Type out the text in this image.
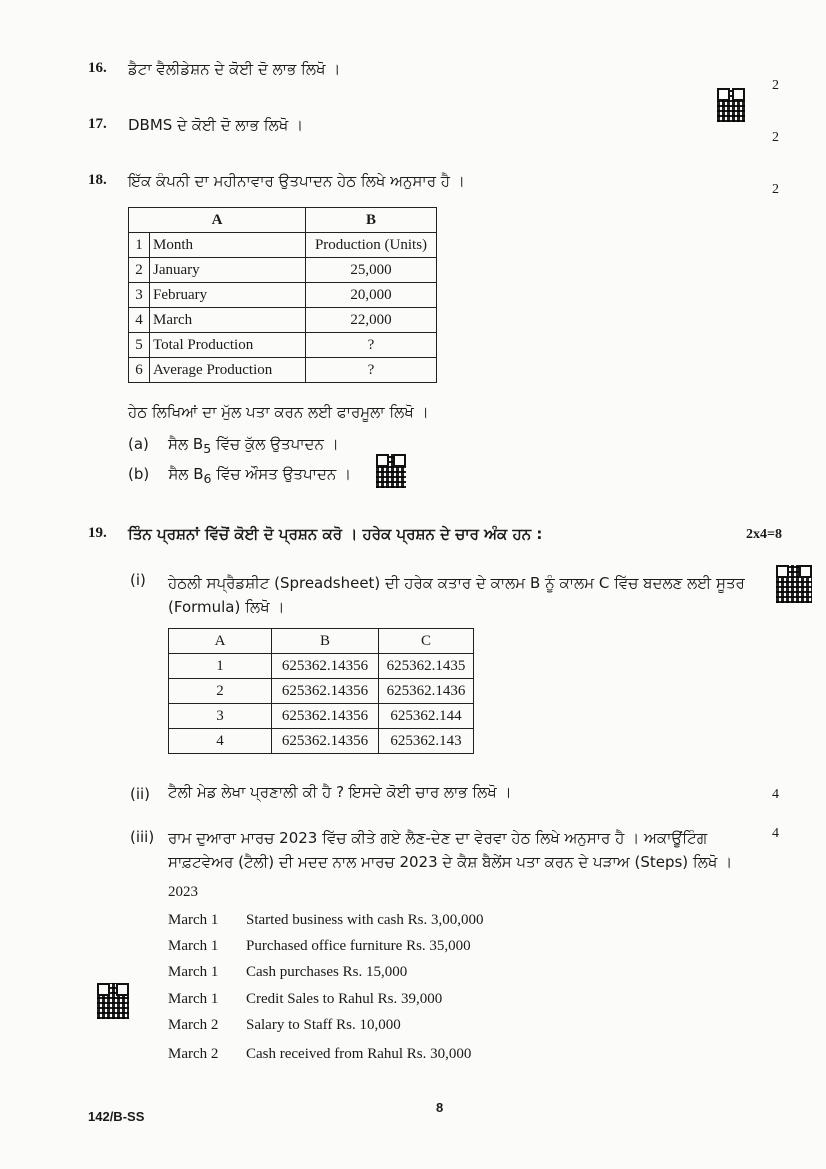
16. ਡੈਟਾ ਵੈਲੀਡੇਸ਼ਨ ਦੇ ਕੋਈ ਦੋ ਲਾਭ ਲਿਖੋ ।
2
17. DBMS ਦੇ ਕੋਈ ਦੋ ਲਾਭ ਲਿਖੋ ।
2
18. ਇੱਕ ਕੰਪਨੀ ਦਾ ਮਹੀਨਾਵਾਰ ਉਤਪਾਦਨ ਹੇਠ ਲਿਖੇ ਅਨੁਸਾਰ ਹੈ ।	2
A		B
1	Month	Production (Units)
2	January	25,000
3	February	20,000
4	March	22,000
5	Total Production	?
6	Average Production	?
ਹੇਠ ਲਿਖਿਆਂ ਦਾ ਮੁੱਲ ਪਤਾ ਕਰਨ ਲਈ ਫਾਰਮੂਲਾ ਲਿਖੋ ।
(a) ਸੈਲ $B_5$ ਵਿੱਚ ਕੁੱਲ ਉਤਪਾਦਨ ।
(b) ਸੈਲ $B_6$ ਵਿੱਚ ਔਸਤ ਉਤਪਾਦਨ ।
19. ਤਿੰਨ ਪ੍ਰਸ਼ਨਾਂ ਵਿੱਚੋਂ ਕੋਈ ਦੋ ਪ੍ਰਸ਼ਨ ਕਰੋ । ਹਰੇਕ ਪ੍ਰਸ਼ਨ ਦੇ ਚਾਰ ਅੰਕ ਹਨ :	2x4=8
(i) ਹੇਠਲੀ ਸਪ੍ਰੈਡਸ਼ੀਟ (Spreadsheet) ਦੀ ਹਰੇਕ ਕਤਾਰ ਦੇ ਕਾਲਮ B ਨੂੰ ਕਾਲਮ C ਵਿੱਚ ਬਦਲਣ ਲਈ ਸੂਤਰ (Formula) ਲਿਖੋ ।
A	B	C
1	625362.14356	625362.1435
2	625362.14356	625362.1436
3	625362.14356	625362.144
4	625362.14356	625362.143
(ii) ਟੈਲੀ ਮੇਡ ਲੇਖਾ ਪ੍ਰਣਾਲੀ ਕੀ ਹੈ ? ਇਸਦੇ ਕੋਈ ਚਾਰ ਲਾਭ ਲਿਖੋ ।	4
(iii) ਰਾਮ ਦੁਆਰਾ ਮਾਰਚ 2023 ਵਿੱਚ ਕੀਤੇ ਗਏ ਲੈਣ-ਦੇਣ ਦਾ ਵੇਰਵਾ ਹੇਠ ਲਿਖੇ ਅਨੁਸਾਰ ਹੈ । ਅਕਾਊਂਟਿੰਗ ਸਾਫ਼ਟਵੇਅਰ (ਟੈਲੀ) ਦੀ ਮਦਦ ਨਾਲ ਮਾਰਚ 2023 ਦੇ ਕੈਸ਼ ਬੈਲੇਂਸ ਪਤਾ ਕਰਨ ਦੇ ਪੜਾਅ (Steps) ਲਿਖੋ ।
4
2023
March 1 Started business with cash Rs. 3,00,000
March 1 Purchased office furniture Rs. 35,000
March 1 Cash purchases Rs. 15,000
March 1 Credit Sales to Rahul Rs. 39,000
March 2 Salary to Staff Rs. 10,000
March 2 Cash received from Rahul Rs. 30,000
142/B-SS
8
